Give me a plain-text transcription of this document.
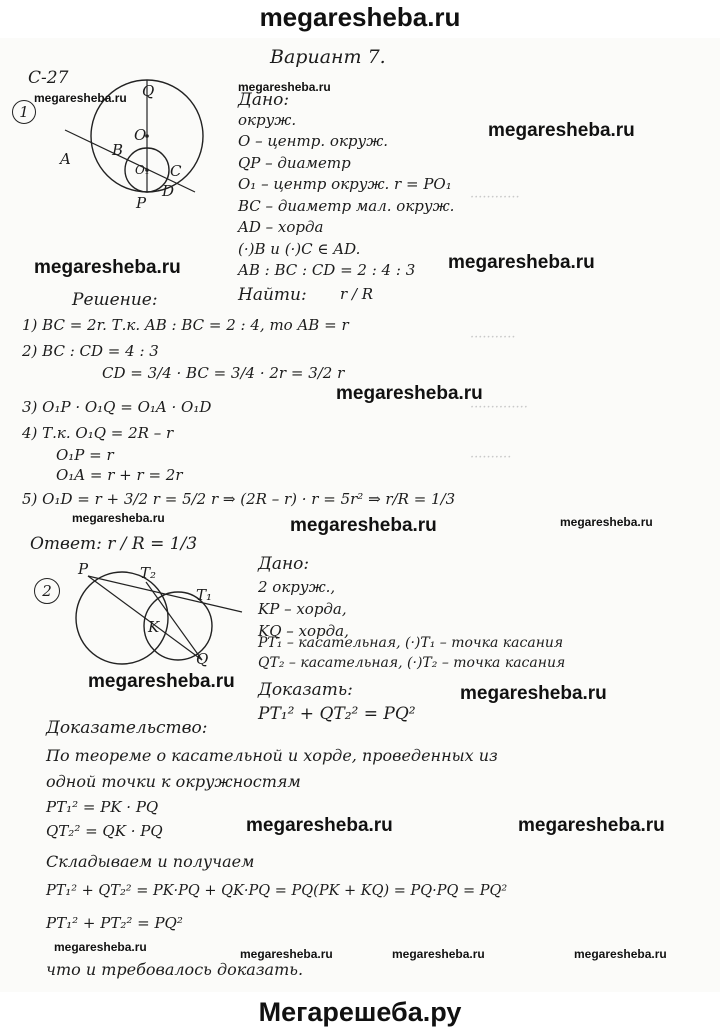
············
···········
··············
··········
Вариант 7.
С-27
1
Q
O
B
A
O₁ C
D
P
Дано:
окруж.
O – центр. окруж.
QP – диаметр
O₁ – центр окруж. r = PO₁
BC – диаметр мал. окруж.
AD – хорда
(·)B и (·)C ∈ AD.
AB : BC : CD = 2 : 4 : 3
Найти: r / R
Решение:
1) BC = 2r. Т.к. AB : BC = 2 : 4, то AB = r
2) BC : CD = 4 : 3
CD = 3/4 · BC = 3/4 · 2r = 3/2 r
3) O₁P · O₁Q = O₁A · O₁D
4) Т.к. O₁Q = 2R – r
O₁P = r
O₁A = r + r = 2r
5) O₁D = r + 3/2 r = 5/2 r ⇒ (2R – r) · r = 5r² ⇒ r/R = 1/3
Ответ: r / R = 1/3
2
P	T₂
T₁
K
Q
Дано:
2 окруж.,
KP – хорда,
KQ – хорда,
PT₁ – касательная, (·)T₁ – точка касания
QT₂ – касательная, (·)T₂ – точка касания
Доказать:
PT₁² + QT₂² = PQ²
Доказательство:
По теореме о касательной и хорде, проведенных из
одной точки к окружностям
PT₁² = PK · PQ
QT₂² = QK · PQ
Складываем и получаем
PT₁² + QT₂² = PK·PQ + QK·PQ = PQ(PK + KQ) = PQ·PQ = PQ²
PT₁² + PT₂² = PQ²
что и требовалось доказать.
megaresheba.ru
megaresheba.ru
megaresheba.ru
megaresheba.ru	megaresheba.ru
megaresheba.ru
megaresheba.ru	megaresheba.ru	megaresheba.ru
megaresheba.ru
megaresheba.ru
megaresheba.ru	megaresheba.ru
megaresheba.ru	megaresheba.ru	megaresheba.ru	megaresheba.ru
megaresheba.ru
Мегарешеба.ру
